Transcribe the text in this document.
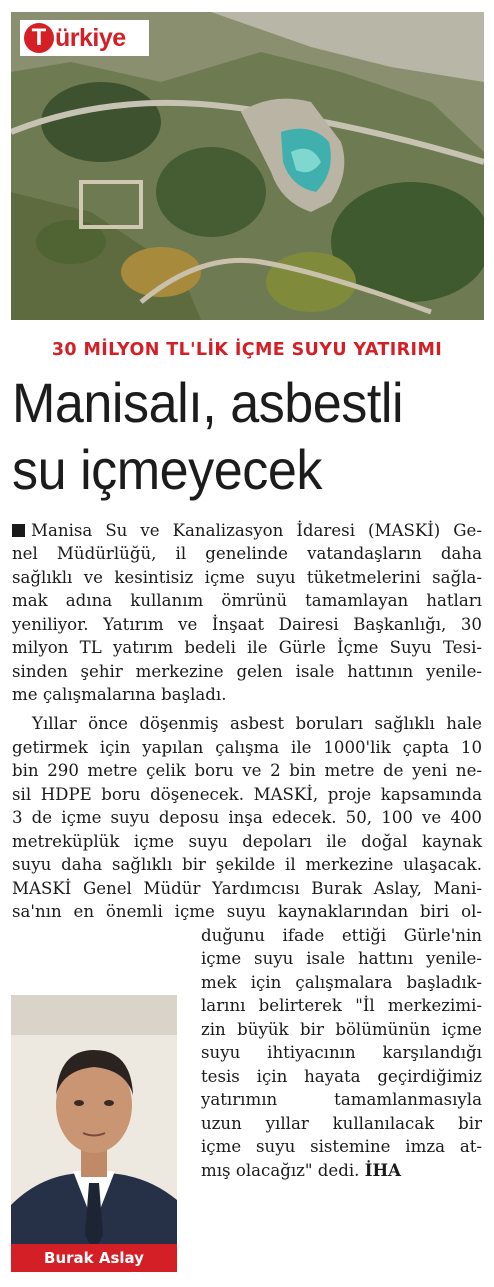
T ürkiye
30 MİLYON TL'LİK İÇME SUYU YATIRIMI
Manisalı, asbestli
su içmeyecek
Manisa Su ve Kanalizasyon İdaresi (MASKİ) Ge-
nel Müdürlüğü, il genelinde vatandaşların daha
sağlıklı ve kesintisiz içme suyu tüketmelerini sağla-
mak adına kullanım ömrünü tamamlayan hatları
yeniliyor. Yatırım ve İnşaat Dairesi Başkanlığı, 30
milyon TL yatırım bedeli ile Gürle İçme Suyu Tesi-
sinden şehir merkezine gelen isale hattının yenile-
me çalışmalarına başladı.
Yıllar önce döşenmiş asbest boruları sağlıklı hale
getirmek için yapılan çalışma ile 1000'lik çapta 10
bin 290 metre çelik boru ve 2 bin metre de yeni ne-
sil HDPE boru döşenecek. MASKİ, proje kapsamında
3 de içme suyu deposu inşa edecek. 50, 100 ve 400
metreküplük içme suyu depoları ile doğal kaynak
suyu daha sağlıklı bir şekilde il merkezine ulaşacak.
MASKİ Genel Müdür Yardımcısı Burak Aslay, Mani-
sa'nın en önemli içme suyu kaynaklarından biri ol-
duğunu ifade ettiği Gürle'nin
içme suyu isale hattını yenile-
mek için çalışmalara başladık-
larını belirterek "İl merkezimi-
zin büyük bir bölümünün içme
suyu ihtiyacının karşılandığı
tesis için hayata geçirdiğimiz
yatırımın tamamlanmasıyla
uzun yıllar kullanılacak bir
içme suyu sistemine imza at-
mış olacağız" dedi. İHA
Burak Aslay
